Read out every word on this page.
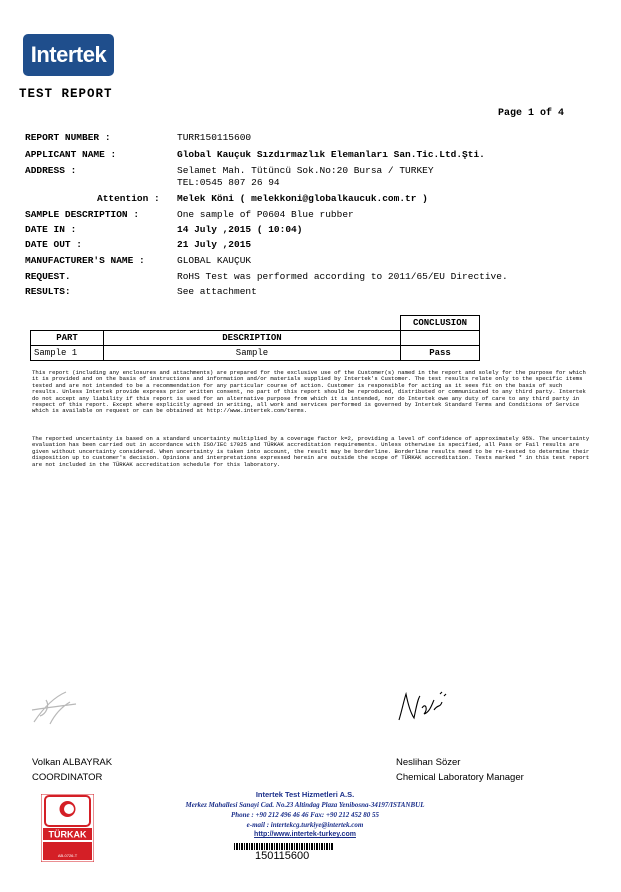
Intertek
TEST REPORT
Page 1 of 4
REPORT NUMBER :	TURR150115600
APPLICANT NAME :	Global Kauçuk Sızdırmazlık Elemanları San.Tic.Ltd.Şti.
ADDRESS :	Selamet Mah. Tütüncü Sok.No:20 Bursa / TURKEY
TEL:0545 807 26 94
Attention : Melek Köni ( melekkoni@globalkaucuk.com.tr )
SAMPLE DESCRIPTION :	One sample of P0604 Blue rubber
DATE IN :	14 July ,2015 ( 10:04)
DATE OUT :	21 July ,2015
MANUFACTURER'S NAME :	GLOBAL KAUÇUK
REQUEST.	RoHS Test was performed according to 2011/65/EU Directive.
RESULTS:	See attachment
		CONCLUSION
PART	DESCRIPTION	
Sample 1	Sample	Pass
This report (including any enclosures and attachments) are prepared for the exclusive use of the Customer(s) named in the report and solely for the purpose for which it is provided and on the basis of instructions and information and/or materials supplied by Intertek's Customer. The test results relate only to the specific items tested and are not intended to be a recommendation for any particular course of action. Customer is responsible for acting as it sees fit on the basis of such results. Unless Intertek provide express prior written consent, no part of this report should be reproduced, distributed or communicated to any third party. Intertek do not accept any liability if this report is used for an alternative purpose from which it is intended, nor do Intertek owe any duty of care to any third party in respect of this report. Except where explicitly agreed in writing, all work and services performed is governed by Intertek Standard Terms and Conditions of Service which is available on request or can be obtained at http://www.intertek.com/terms.
The reported uncertainty is based on a standard uncertainty multiplied by a coverage factor k=2, providing a level of confidence of approximately 95%. The uncertainty evaluation has been carried out in accordance with ISO/IEC 17025 and TÜRKAK accreditation requirements. Unless otherwise is specified, all Pass or Fail results are given without uncertainty considered. When uncertainty is taken into account, the result may be borderline. Borderline results need to be re-tested to determine their disposition up to customer's decision. Opinions and interpretations expressed herein are outside the scope of TÜRKAK accreditation. Tests marked * in this test report are not included in the TÜRKAK accreditation schedule for this laboratory.
Volkan ALBAYRAK
COORDINATOR
Neslihan Sözer
Chemical Laboratory Manager
TÜRKAK
AB-0726-T
Intertek Test Hizmetleri A.S.
Merkez Mahallesi Sanayi Cad. No.23 Altindag Plaza Yenibosna-34197/ISTANBUL
Phone : +90 212 496 46 46 Fax: +90 212 452 80 55
e-mail : intertekcg.turkiye@intertek.com
http://www.intertek-turkey.com
150115600
